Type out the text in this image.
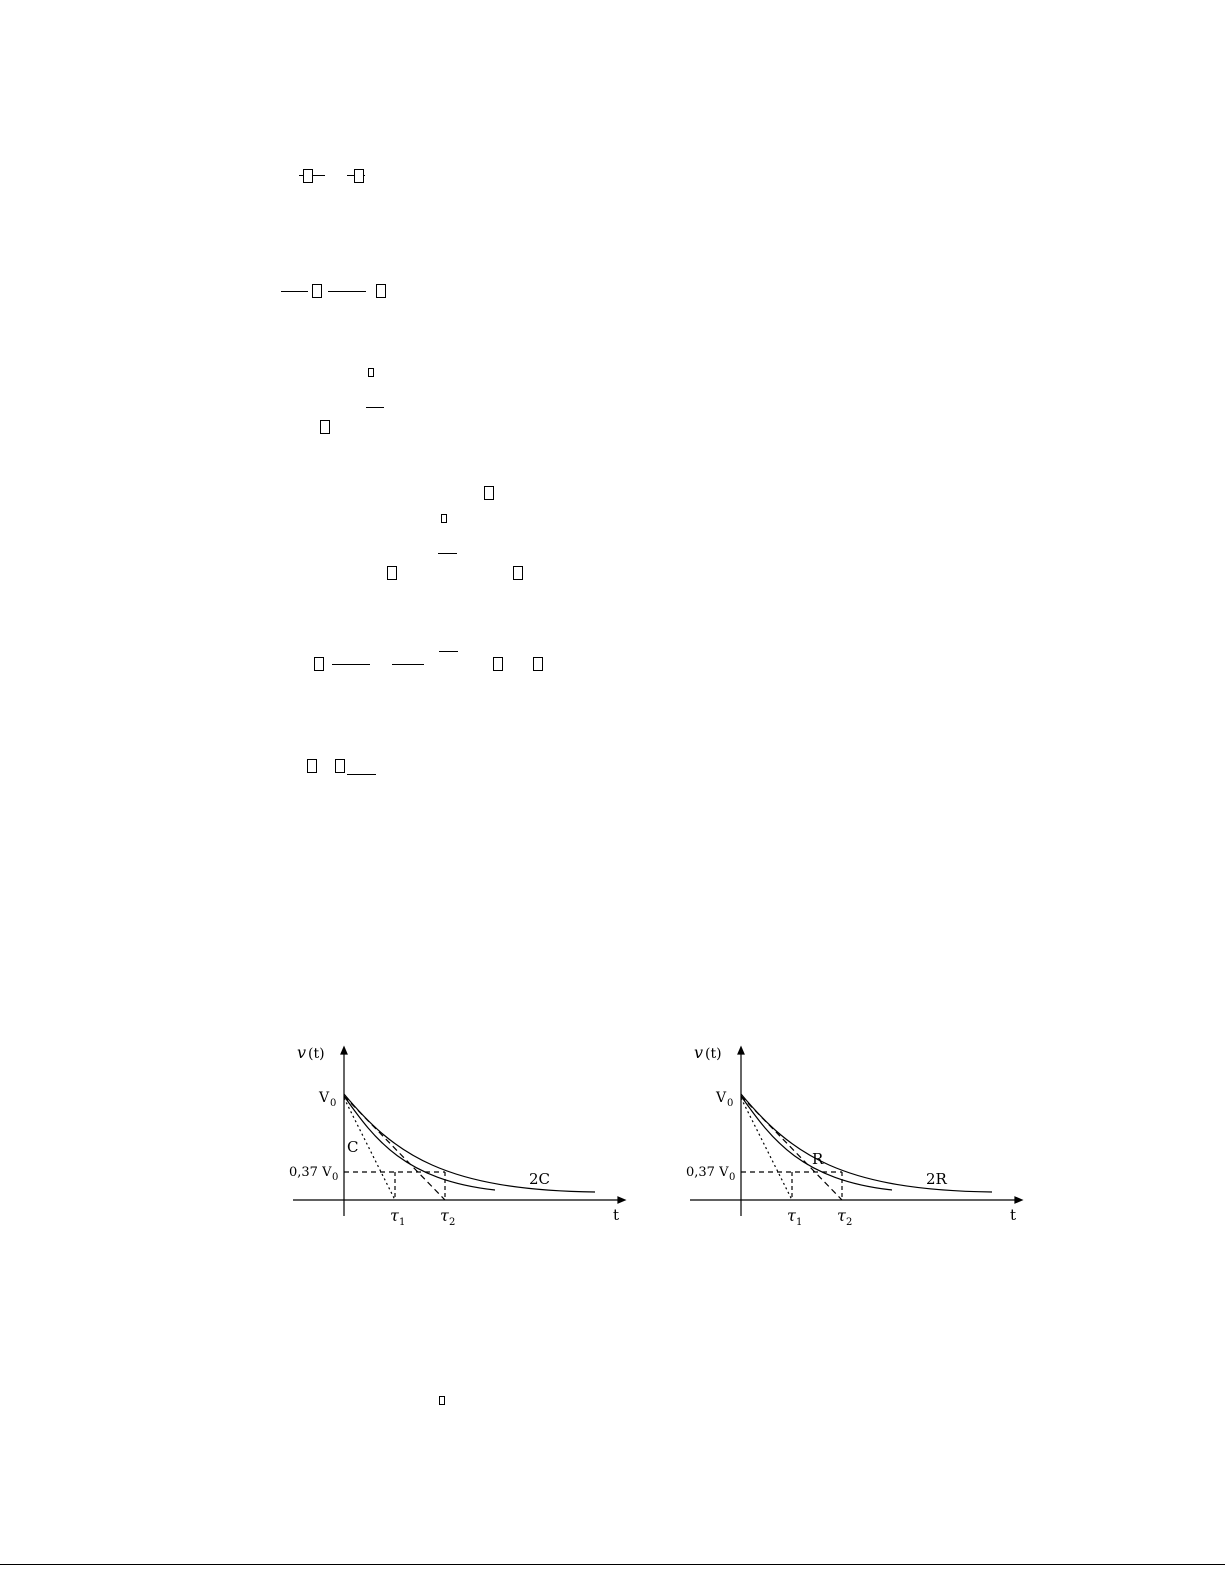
v (t)
V 0
0,37 V 0
C
2C
τ 1 τ 2	t
v (t)
V 0
0,37 V 0
R
2R
τ 1 τ 2	t
